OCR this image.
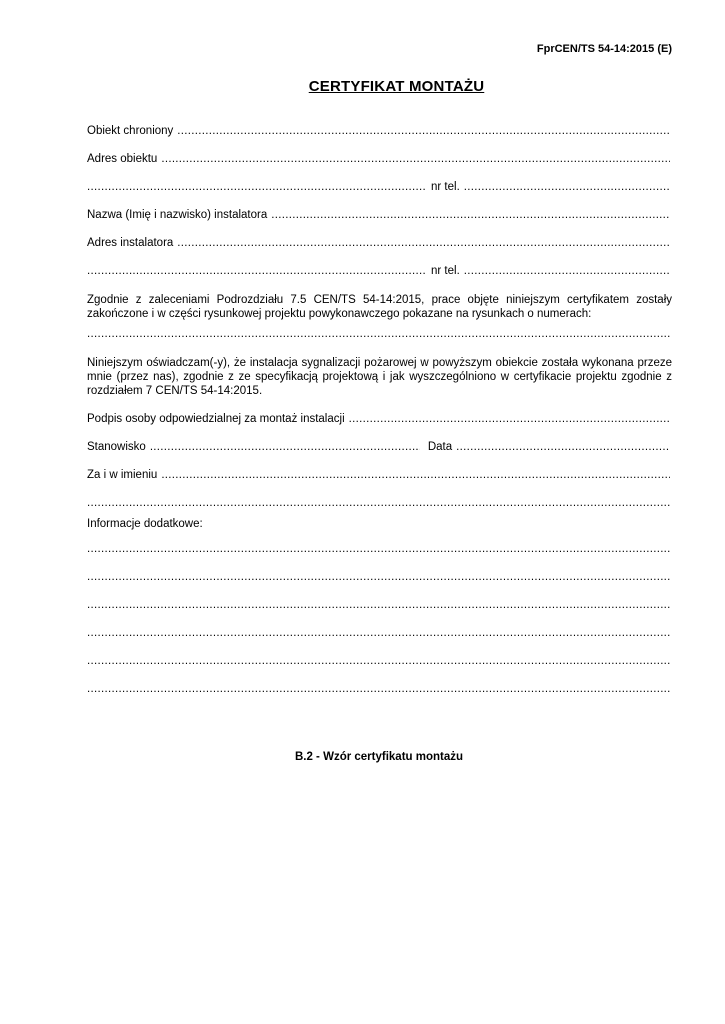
FprCEN/TS 54-14:2015 (E)
CERTYFIKAT MONTAŻU
Obiekt chroniony
.....
Adres obiektu
.....
.....
nr tel.
.....
Nazwa (Imię i nazwisko) instalatora
.....
Adres instalatora
.....
.....
nr tel.
.....
Zgodnie z zaleceniami Podrozdziału 7.5 CEN/TS 54-14:2015, prace objęte niniejszym certyfikatem zostały zakończone i w części rysunkowej projektu powykonawczego pokazane na rysunkach o numerach:
.....
Niniejszym oświadczam(-y), że instalacja sygnalizacji pożarowej w powyższym obiekcie została wykonana przeze mnie (przez nas), zgodnie z ze specyfikacją projektową i jak wyszczególniono w certyfikacie projektu zgodnie z rozdziałem 7 CEN/TS 54-14:2015.
Podpis osoby odpowiedzialnej za montaż instalacji
.....
Stanowisko
.....	Data
.....
Za i w imieniu
.....
.....
Informacje dodatkowe:
.....
.....
.....
.....
.....
.....
B.2 - Wzór certyfikatu montażu
